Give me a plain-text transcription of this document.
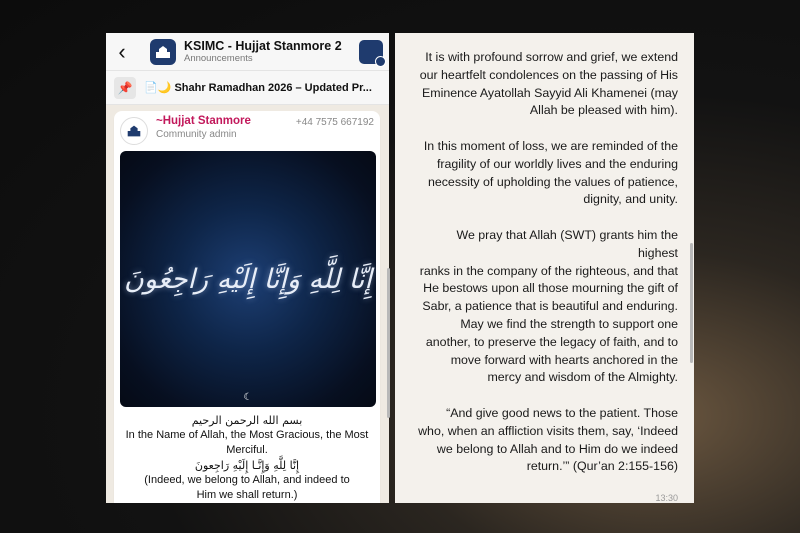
‹	KSIMC - Hujjat Stanmore 2
Announcements
📌	📄🌙 Shahr Ramadhan 2026 – Updated Pr...
~Hujjat Stanmore
Community admin
+44 7575 667192
إِنَّا لِلَّهِ وَإِنَّا إِلَيْهِ رَاجِعُونَ
☾
بسم الله الرحمن الرحيم
In the Name of Allah, the Most Gracious, the Most Merciful.
إِنَّا لِلَّهِ وَإِنَّـا إِلَيْهِ رَاجِعونَ
(Indeed, we belong to Allah, and indeed to
Him we shall return.)

It is with profound sorrow and grief, we extend our heartfelt condolences on the passing of His Eminence Ayatollah Sayyid Ali Khamenei (may Allah be pleased with him).

In this moment of loss, we are reminded of the fragility of our worldly lives and the enduring necessity of upholding the values of patience, dignity, and unity.

We pray that Allah (SWT) grants him the highest

ranks in the company of the righteous, and that He bestows upon all those mourning the gift of Sabr, a patience that is beautiful and enduring. May we find the strength to support one another, to preserve the legacy of faith, and to move forward with hearts anchored in the mercy and wisdom of the Almighty.

“And give good news to the patient. Those who, when an affliction visits them, say, ‘Indeed we belong to Allah and to Him do we indeed return.’” (Qur’an 2:155-156)

13:30
